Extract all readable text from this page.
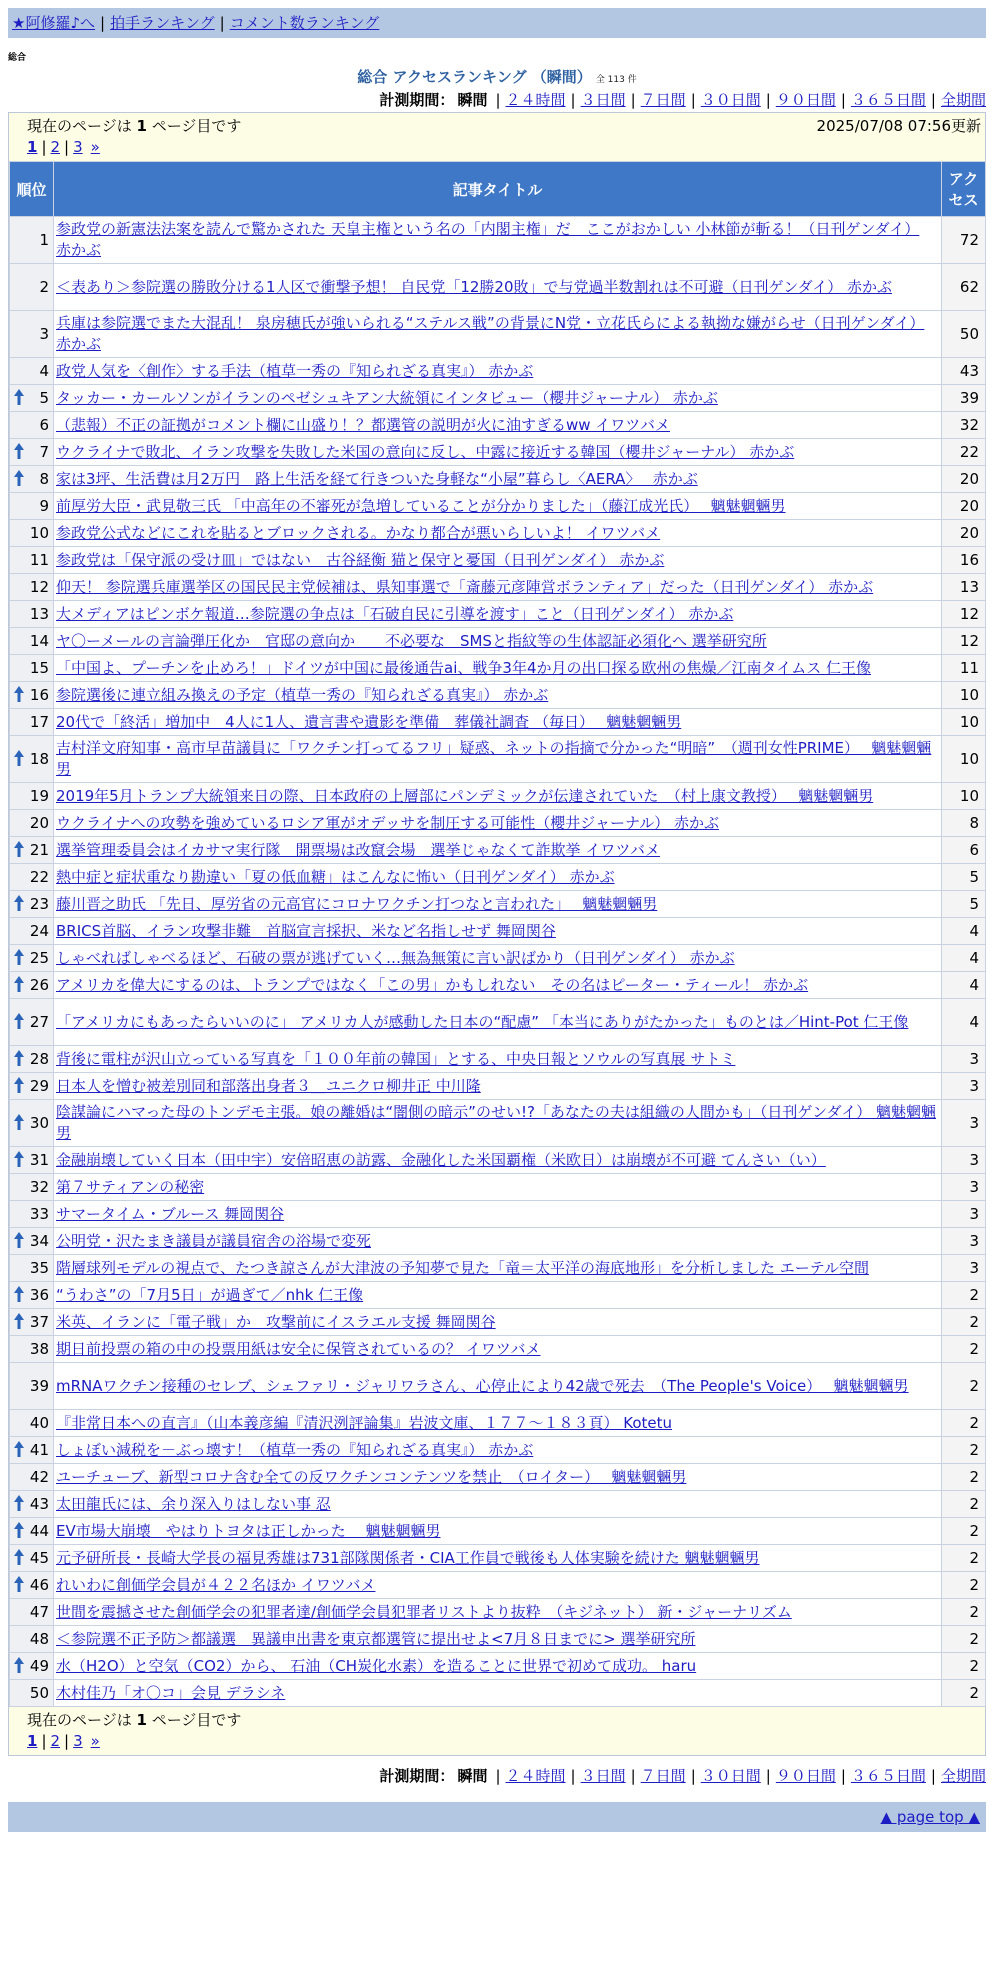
★阿修羅♪へ | 拍手ランキング | コメント数ランキング
総合
総合 アクセスランキング （瞬間） 全 113 件
計測期間： 瞬間 | ２４時間 | ３日間 | ７日間 | ３０日間 | ９０日間 | ３６５日間 | 全期間
現在のページは 1 ページ目です	2025/07/08 07:56更新
1 | 2 | 3 »
順位	記事タイトル	アクセス
1	参政党の新憲法法案を読んで驚かされた 天皇主権という名の「内閣主権」だ　ここがおかしい 小林節が斬る！（日刊ゲンダイ） 赤かぶ	72
2	＜表あり＞参院選の勝敗分ける1人区で衝撃予想！ 自民党「12勝20敗」で与党過半数割れは不可避（日刊ゲンダイ） 赤かぶ	62
3	兵庫は参院選でまた大混乱！ 泉房穂氏が強いられる“ステルス戦”の背景にN党・立花氏らによる執拗な嫌がらせ（日刊ゲンダイ） 赤かぶ	50
4	政党人気を〈創作〉する手法（植草一秀の『知られざる真実』） 赤かぶ	43

5	タッカー・カールソンがイランのペゼシュキアン大統領にインタビュー（櫻井ジャーナル） 赤かぶ	39
6	（悲報）不正の証拠がコメント欄に山盛り！？都選管の説明が火に油すぎるww イワツバメ	32

7	ウクライナで敗北、イラン攻撃を失敗した米国の意向に反し、中露に接近する韓国（櫻井ジャーナル） 赤かぶ	22

8	家は3坪、生活費は月2万円　路上生活を経て行きついた身軽な“小屋”暮らし〈AERA〉　 赤かぶ	20
9	前厚労大臣・武見敬三氏 「中高年の不審死が急増していることが分かりました」（藤江成光氏）　 魑魅魍魎男	20
10	参政党公式などにこれを貼るとブロックされる。かなり都合が悪いらしいよ！ イワツバメ	20
11	参政党は「保守派の受け皿」ではない　古谷経衡 猫と保守と憂国（日刊ゲンダイ） 赤かぶ	16
12	仰天！ 参院選兵庫選挙区の国民民主党候補は、県知事選で「斎藤元彦陣営ボランティア」だった（日刊ゲンダイ） 赤かぶ	13
13	大メディアはピンボケ報道…参院選の争点は「石破自民に引導を渡す」こと（日刊ゲンダイ） 赤かぶ	12
14	ヤ〇ーメールの言論弾圧化か　官邸の意向か　　不必要な　SMSと指紋等の生体認証必須化へ 選挙研究所	12
15	「中国よ、プーチンを止めろ！」ドイツが中国に最後通告ai、戦争3年4か月の出口探る欧州の焦燥／江南タイムス 仁王像	11

16	参院選後に連立組み換えの予定（植草一秀の『知られざる真実』） 赤かぶ	10
17	20代で「終活」増加中　4人に1人、遺言書や遺影を準備　葬儀社調査 （毎日）　 魑魅魍魎男	10

18	吉村洋文府知事・高市早苗議員に「ワクチン打ってるフリ」疑惑、ネットの指摘で分かった“明暗”　（週刊女性PRIME）　 魑魅魍魎男	10
19	2019年5月トランプ大統領来日の際、日本政府の上層部にパンデミックが伝達されていた　（村上康文教授）　 魑魅魍魎男	10
20	ウクライナへの攻勢を強めているロシア軍がオデッサを制圧する可能性（櫻井ジャーナル） 赤かぶ	8

21	選挙管理委員会はイカサマ実行隊　開票場は改竄会場　選挙じゃなくて詐欺挙 イワツバメ	6
22	熱中症と症状重なり勘違い「夏の低血糖」はこんなに怖い（日刊ゲンダイ） 赤かぶ	5

23	藤川晋之助氏 「先日、厚労省の元高官にコロナワクチン打つなと言われた」　 魑魅魍魎男	5
24	BRICS首脳、イラン攻撃非難　首脳宣言採択、米など名指しせず 舞岡関谷	4

25	しゃべればしゃべるほど、石破の票が逃げていく…無為無策に言い訳ばかり（日刊ゲンダイ） 赤かぶ	4

26	アメリカを偉大にするのは、トランプではなく「この男」かもしれない　その名はピーター・ティール！ 赤かぶ	4

27	「アメリカにもあったらいいのに」 アメリカ人が感動した日本の“配慮” 「本当にありがたかった」ものとは／Hint-Pot 仁王像	4

28	背後に電柱が沢山立っている写真を「１００年前の韓国」とする、中央日報とソウルの写真展 サトミ	3

29	日本人を憎む被差別同和部落出身者３＿ユニクロ柳井正 中川隆	3

30	陰謀論にハマった母のトンデモ主張。娘の離婚は“闇側の暗示”のせい!?「あなたの夫は組織の人間かも」（日刊ゲンダイ） 魑魅魍魎男	3

31	金融崩壊していく日本（田中宇）安倍昭恵の訪露、金融化した米国覇権（米欧日）は崩壊が不可避 てんさい（い）	3
32	第７サティアンの秘密	3
33	サマータイム・ブルース 舞岡関谷	3

34	公明党・沢たまき議員が議員宿舎の浴場で変死	3
35	階層球列モデルの視点で、たつき諒さんが大津波の予知夢で見た「竜＝太平洋の海底地形」を分析しました エーテル空間	3

36	“うわさ”の「7月5日」が過ぎて／nhk 仁王像	2

37	米英、イランに「電子戦」か　攻撃前にイスラエル支援 舞岡関谷	2
38	期日前投票の箱の中の投票用紙は安全に保管されているの？ イワツバメ	2
39	mRNAワクチン接種のセレブ、シェファリ・ジャリワラさん、心停止により42歳で死去　（The People's Voice）　 魑魅魍魎男	2
40	『非常日本への直言』（山本義彦編『清沢洌評論集』岩波文庫、１７７～１８３頁） Kotetu	2

41	しょぼい減税を－ぶっ壊す！（植草一秀の『知られざる真実』） 赤かぶ	2
42	ユーチューブ、新型コロナ含む全ての反ワクチンコンテンツを禁止　（ロイター）　 魑魅魍魎男	2

43	太田龍氏には、余り深入りはしない事 忍	2

44	EV市場大崩壊　やはりトヨタは正しかった　 魑魅魍魎男	2

45	元予研所長・長崎大学長の福見秀雄は731部隊関係者・CIA工作員で戦後も人体実験を続けた 魑魅魍魎男	2

46	れいわに創価学会員が４２２名ほか イワツバメ	2
47	世間を震撼させた創価学会の犯罪者達/創価学会員犯罪者リストより抜粋　（キジネット） 新・ジャーナリズム	2
48	＜参院選不正予防＞都議選　異議申出書を東京都選管に提出せよ<7月８日までに> 選挙研究所	2

49	水（H2O）と空気（CO2）から、 石油（CH炭化水素）を造ることに世界で初めて成功。 haru	2
50	木村佳乃「オ〇コ」会見 デラシネ	2
現在のページは 1 ページ目です
1 | 2 | 3 »
計測期間： 瞬間 | ２４時間 | ３日間 | ７日間 | ３０日間 | ９０日間 | ３６５日間 | 全期間
▲ page top ▲
